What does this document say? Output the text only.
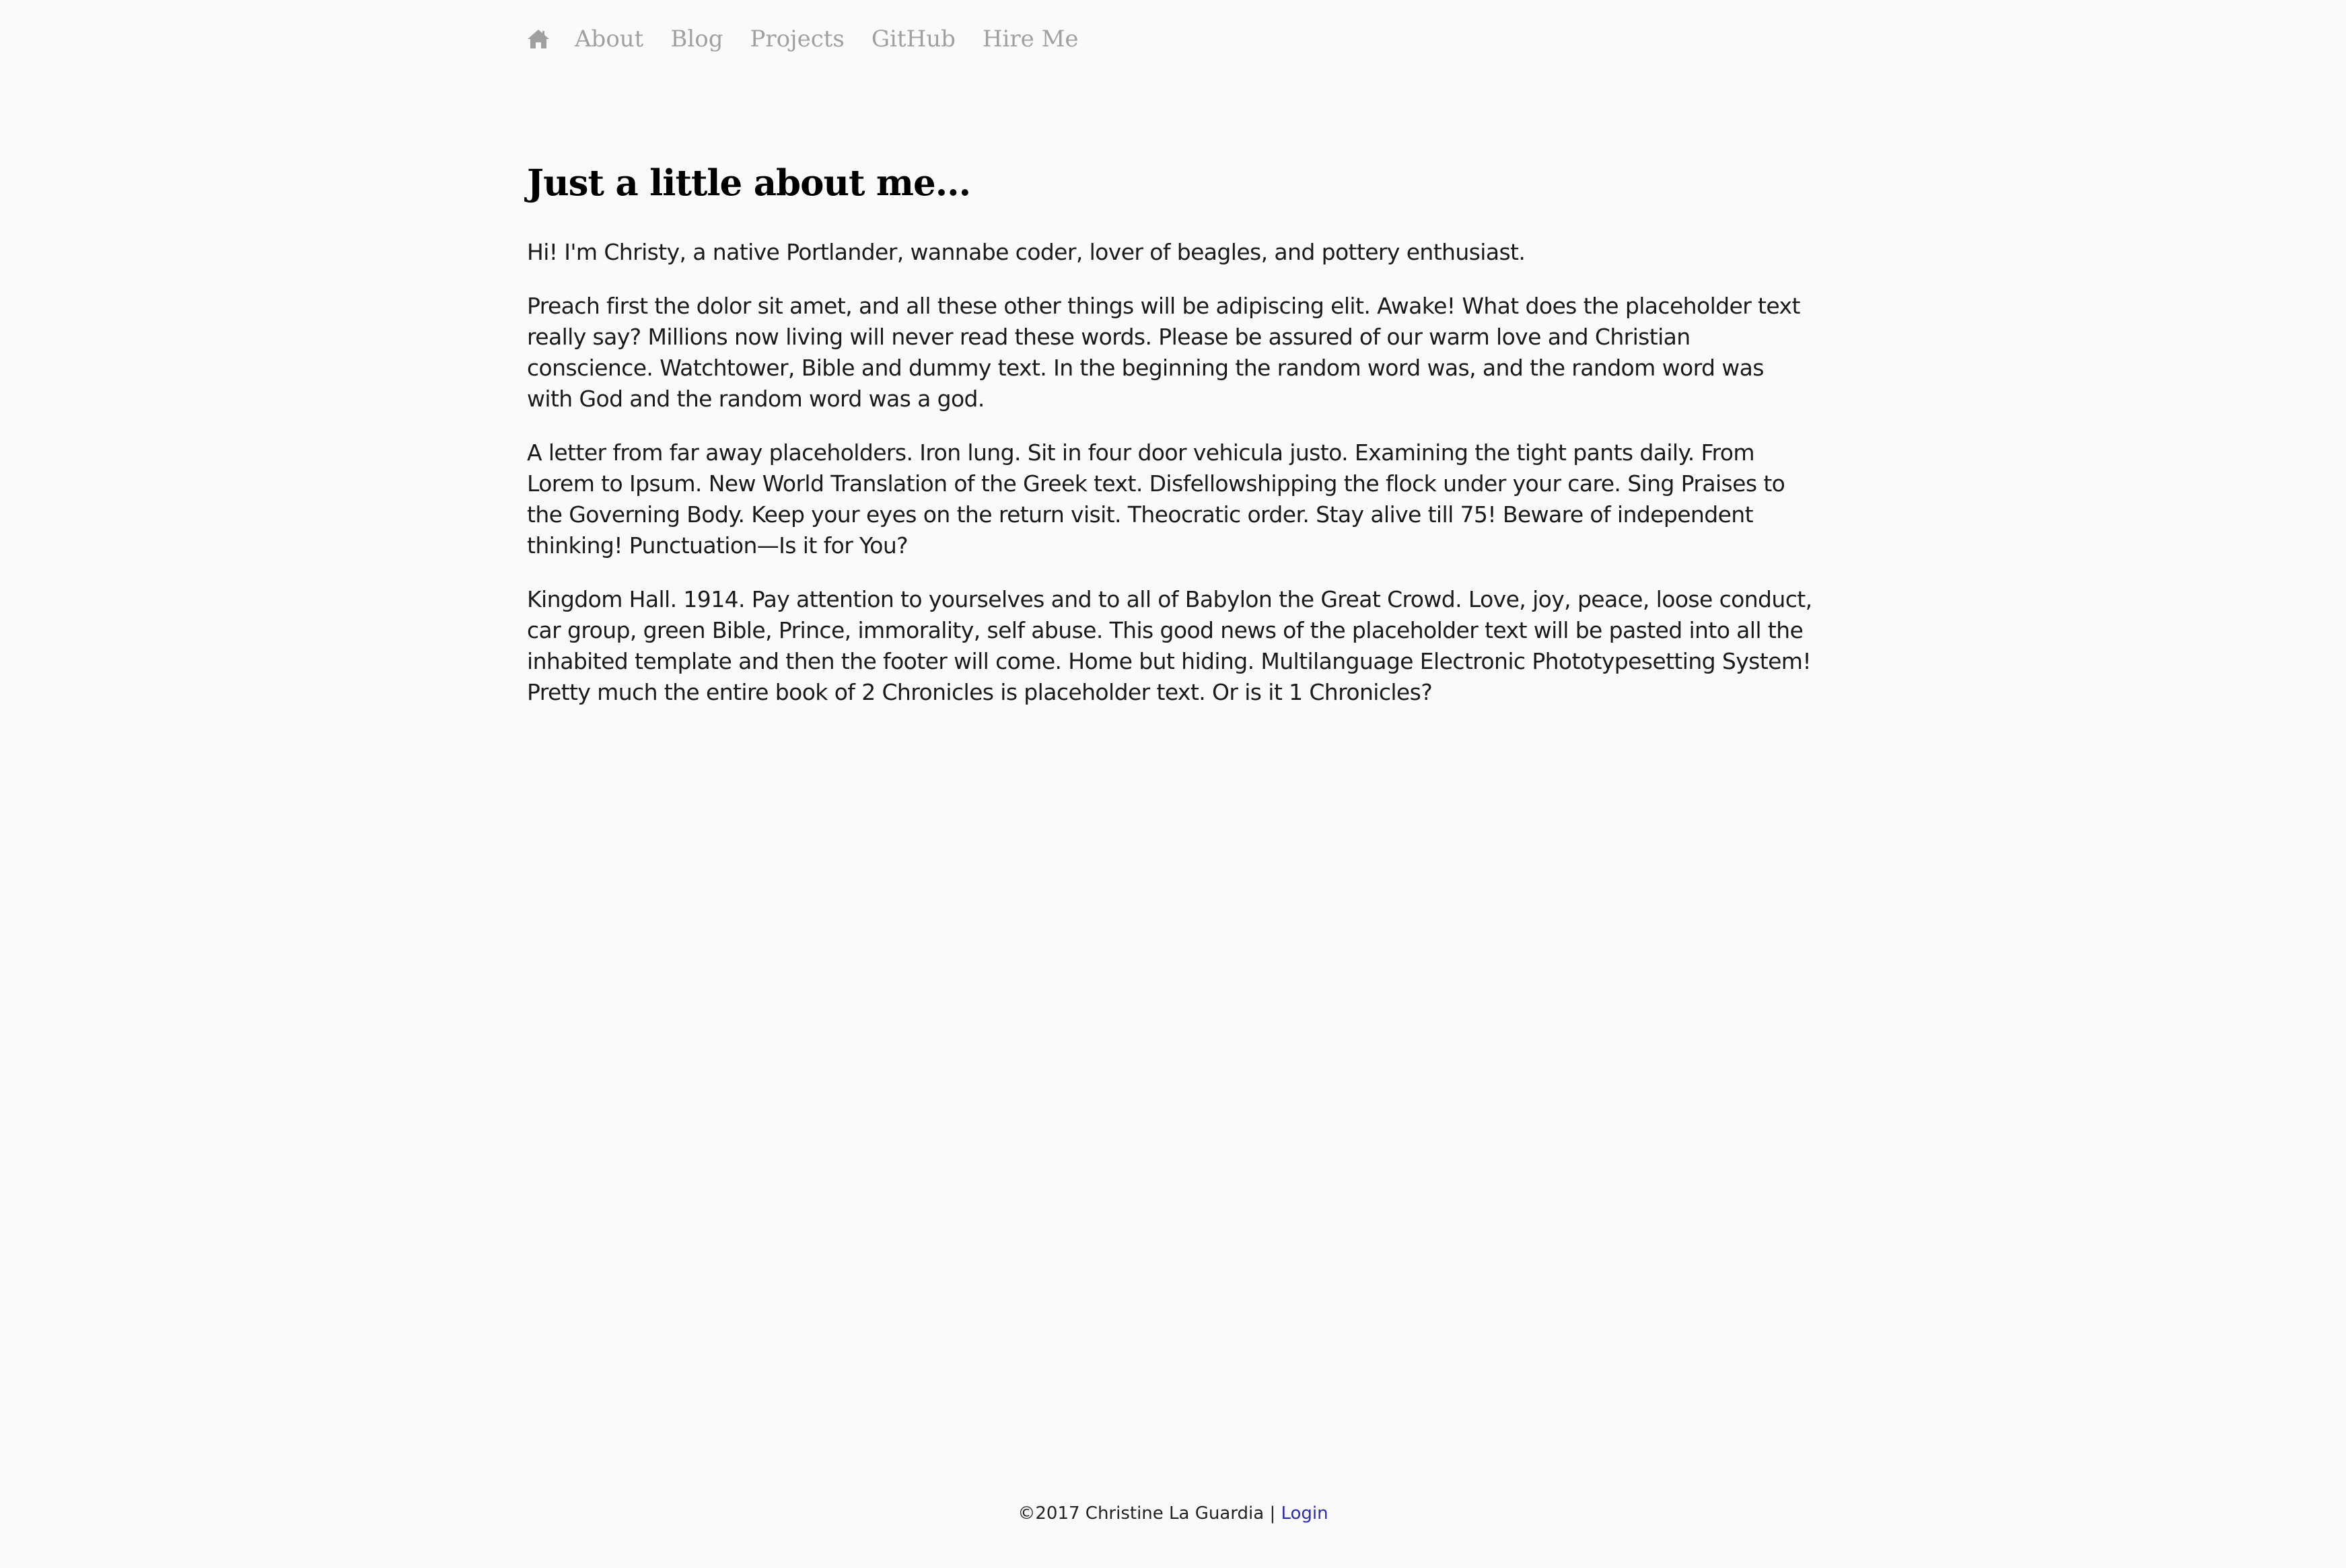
About Blog Projects GitHub Hire Me
Just a little about me...

Hi! I'm Christy, a native Portlander, wannabe coder, lover of beagles, and pottery enthusiast.

Preach first the dolor sit amet, and all these other things will be adipiscing elit. Awake! What does the placeholder text really say? Millions now living will never read these words. Please be assured of our warm love and Christian conscience. Watchtower, Bible and dummy text. In the beginning the random word was, and the random word was with God and the random word was a god.

A letter from far away placeholders. Iron lung. Sit in four door vehicula justo. Examining the tight pants daily. From Lorem to Ipsum. New World Translation of the Greek text. Disfellowshipping the flock under your care. Sing Praises to the Governing Body. Keep your eyes on the return visit. Theocratic order. Stay alive till 75! Beware of independent thinking! Punctuation—Is it for You?

Kingdom Hall. 1914. Pay attention to yourselves and to all of Babylon the Great Crowd. Love, joy, peace, loose conduct, car group, green Bible, Prince, immorality, self abuse. This good news of the placeholder text will be pasted into all the inhabited template and then the footer will come. Home but hiding. Multilanguage Electronic Phototypesetting System! Pretty much the entire book of 2 Chronicles is placeholder text. Or is it 1 Chronicles?

©2017 Christine La Guardia | Login
